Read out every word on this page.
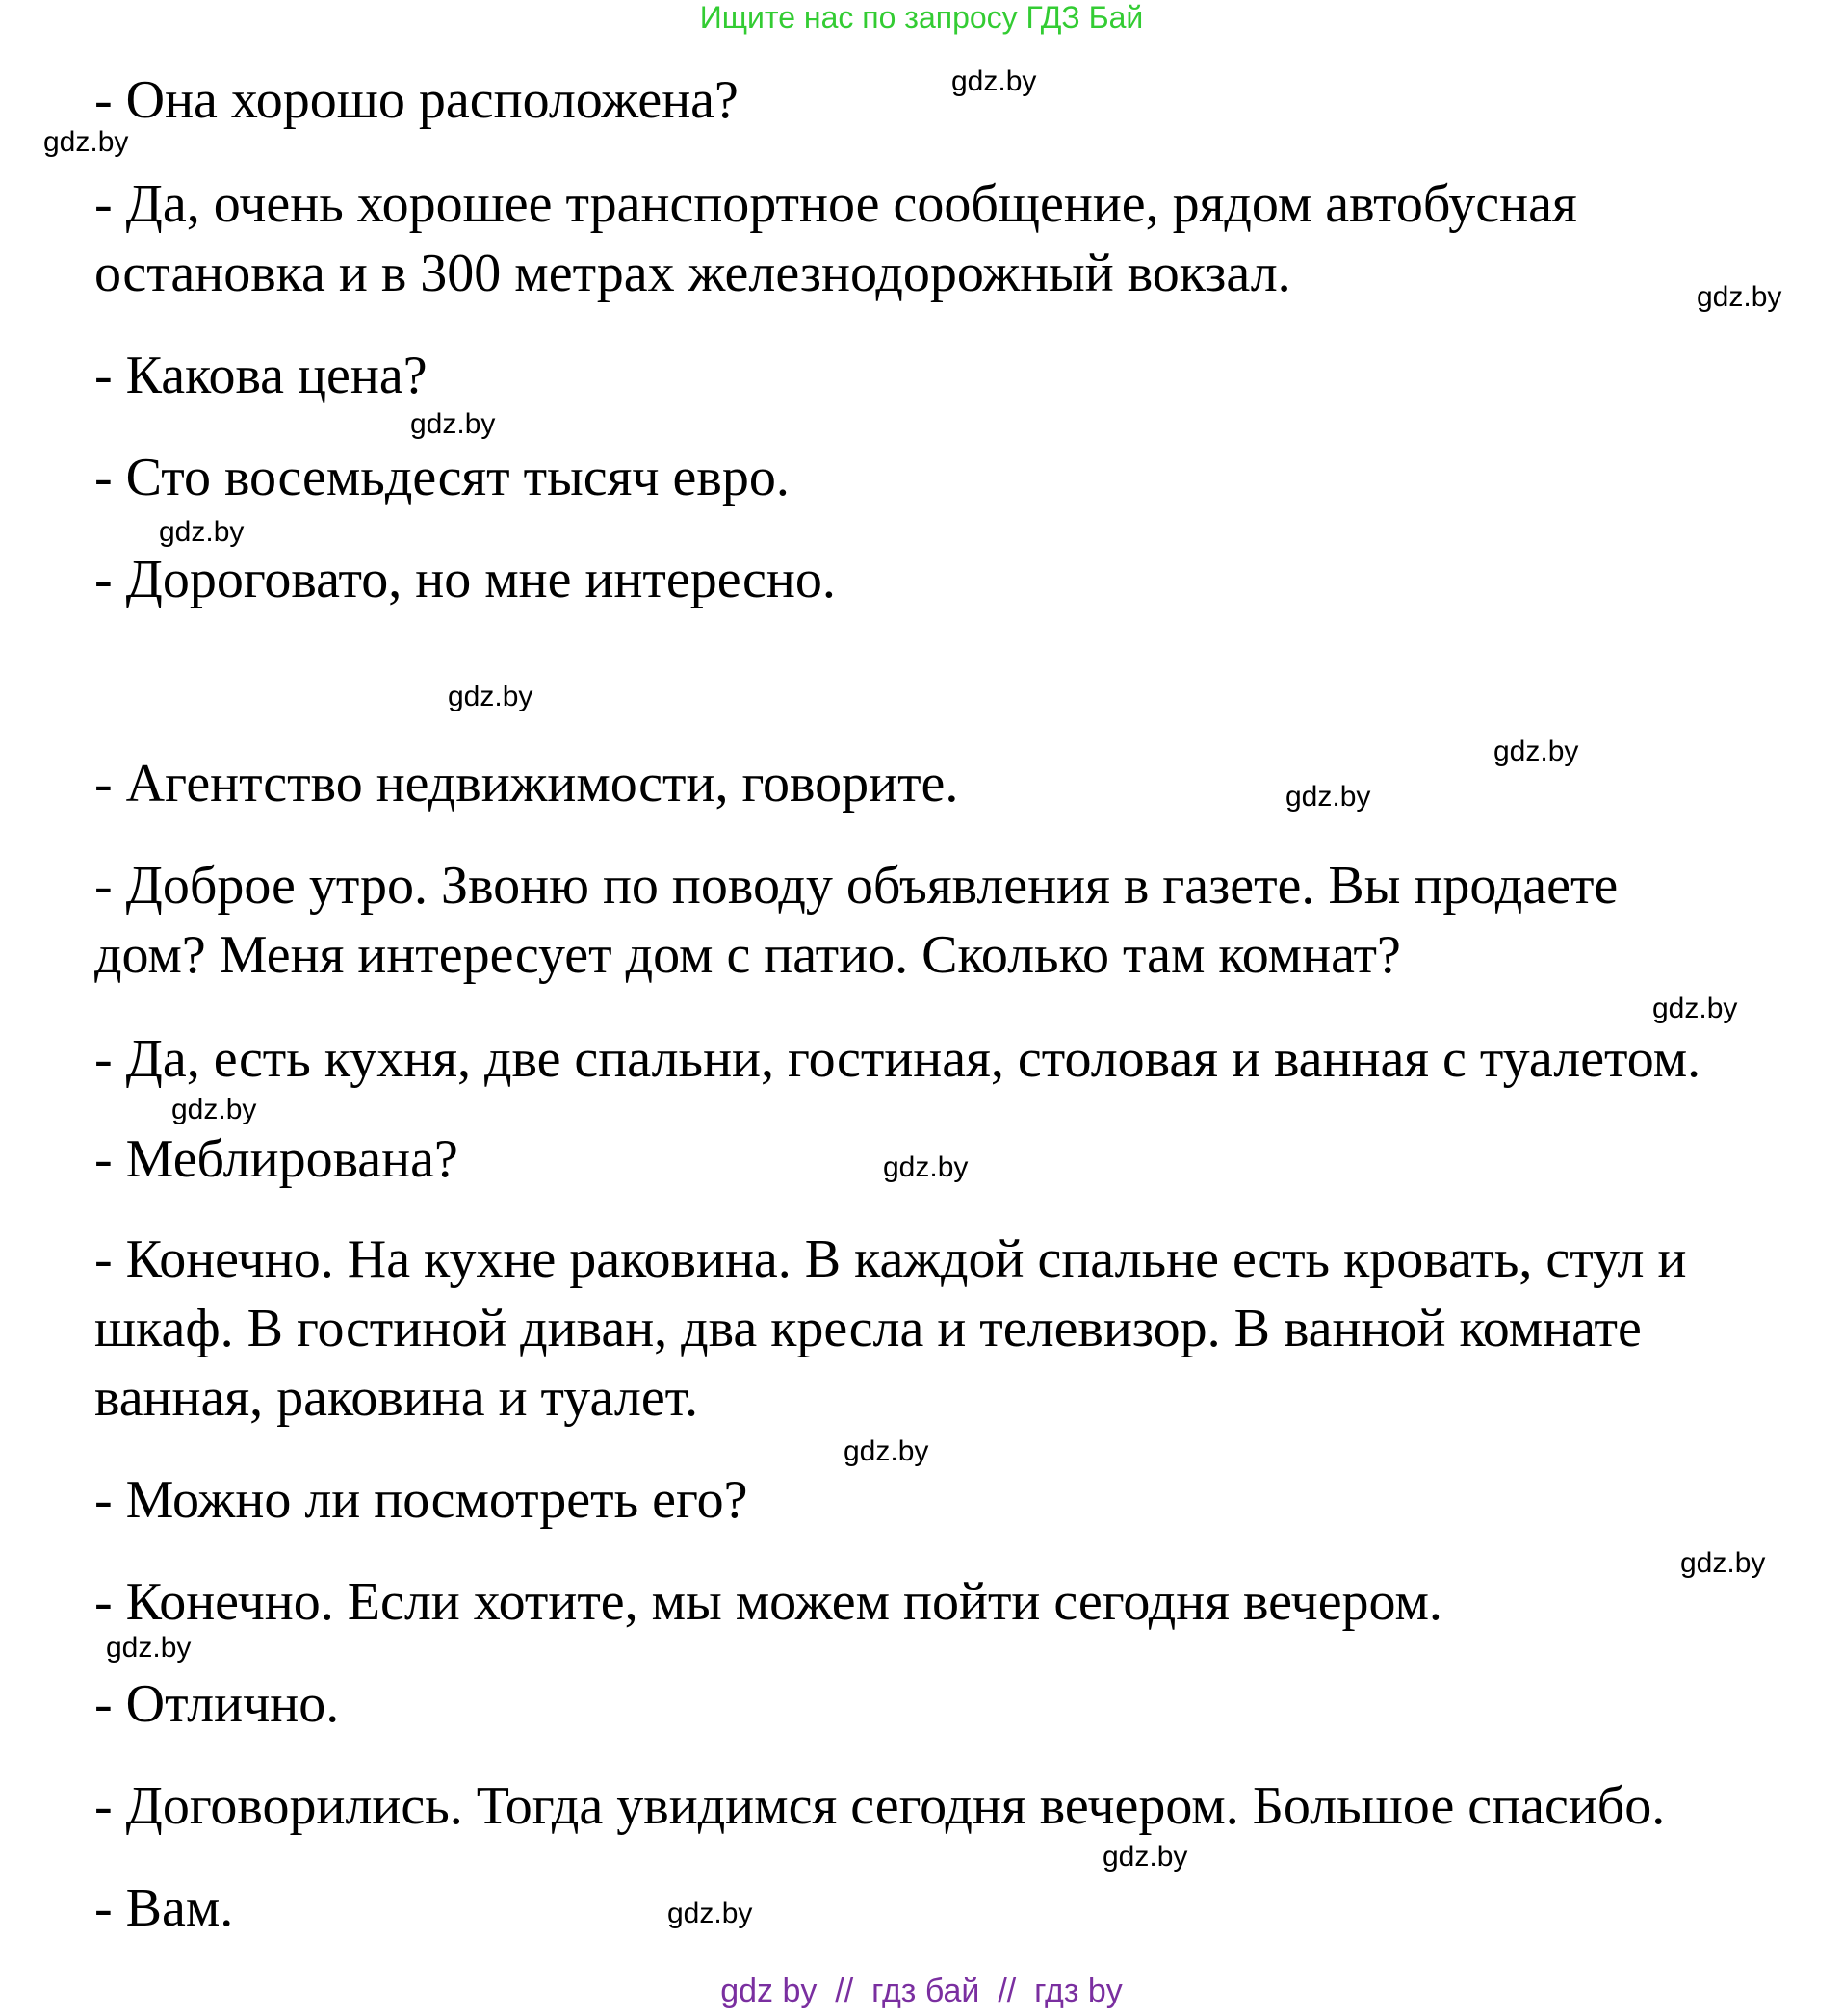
Ищите нас по запросу ГДЗ Бай
- Она хорошо расположена?
- Да, очень хорошее транспортное сообщение, рядом автобусная
остановка и в 300 метрах железнодорожный вокзал.
- Какова цена?
- Сто восемьдесят тысяч евро.
- Дороговато, но мне интересно.
- Агентство недвижимости, говорите.
- Доброе утро. Звоню по поводу объявления в газете. Вы продаете
дом? Меня интересует дом с патио. Сколько там комнат?
- Да, есть кухня, две спальни, гостиная, столовая и ванная с туалетом.
- Меблирована?
- Конечно. На кухне раковина. В каждой спальне есть кровать, стул и
шкаф. В гостиной диван, два кресла и телевизор. В ванной комнате
ванная, раковина и туалет.
- Можно ли посмотреть его?
- Конечно. Если хотите, мы можем пойти сегодня вечером.
- Отлично.
- Договорились. Тогда увидимся сегодня вечером. Большое спасибо.
- Вам.
gdz.by
gdz.by
gdz.by
gdz.by
gdz.by
gdz.by
gdz.by
gdz.by
gdz.by
gdz.by
gdz.by
gdz.by
gdz.by
gdz.by
gdz.by
gdz.by
gdz by  //  гдз бай  //  гдз by
